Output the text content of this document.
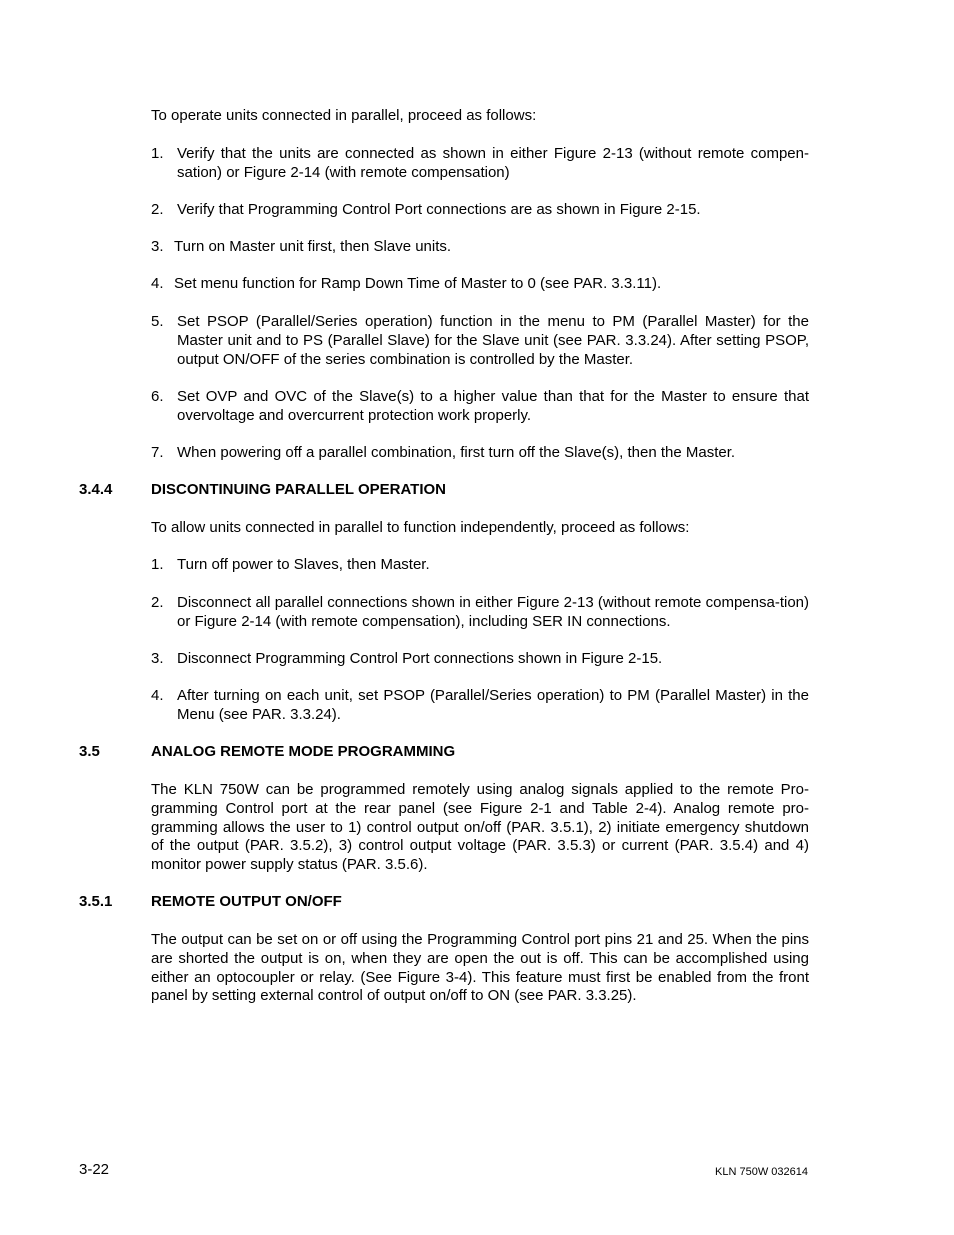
To operate units connected in parallel, proceed as follows:

1. Verify that the units are connected as shown in either Figure 2-13 (without remote compen-sation) or Figure 2-14 (with remote compensation)
2. Verify that Programming Control Port connections are as shown in Figure 2-15.
3. Turn on Master unit first, then Slave units.
4. Set menu function for Ramp Down Time of Master to 0 (see PAR. 3.3.11).
5. Set PSOP (Parallel/Series operation) function in the menu to PM (Parallel Master) for the Master unit and to PS (Parallel Slave) for the Slave unit (see PAR. 3.3.24). After setting PSOP, output ON/OFF of the series combination is controlled by the Master.
6. Set OVP and OVC of the Slave(s) to a higher value than that for the Master to ensure that overvoltage and overcurrent protection work properly.
7. When powering off a parallel combination, first turn off the Slave(s), then the Master.
3.4.4	DISCONTINUING PARALLEL OPERATION

To allow units connected in parallel to function independently, proceed as follows:

1. Turn off power to Slaves, then Master.
2. Disconnect all parallel connections shown in either Figure 2-13 (without remote compensa-tion) or Figure 2-14 (with remote compensation), including SER IN connections.
3. Disconnect Programming Control Port connections shown in Figure 2-15.
4. After turning on each unit, set PSOP (Parallel/Series operation) to PM (Parallel Master) in the Menu (see PAR. 3.3.24).
3.5	ANALOG REMOTE MODE PROGRAMMING

The KLN 750W can be programmed remotely using analog signals applied to the remote Pro-gramming Control port at the rear panel (see Figure 2-1 and Table 2-4). Analog remote pro-gramming allows the user to 1) control output on/off (PAR. 3.5.1), 2) initiate emergency shutdown of the output (PAR. 3.5.2), 3) control output voltage (PAR. 3.5.3) or current (PAR. 3.5.4) and 4) monitor power supply status (PAR. 3.5.6).

3.5.1	REMOTE OUTPUT ON/OFF

The output can be set on or off using the Programming Control port pins 21 and 25. When the pins are shorted the output is on, when they are open the out is off. This can be accomplished using either an optocoupler or relay. (See Figure 3-4). This feature must first be enabled from the front panel by setting external control of output on/off to ON (see PAR. 3.3.25).

3-22	KLN 750W 032614
